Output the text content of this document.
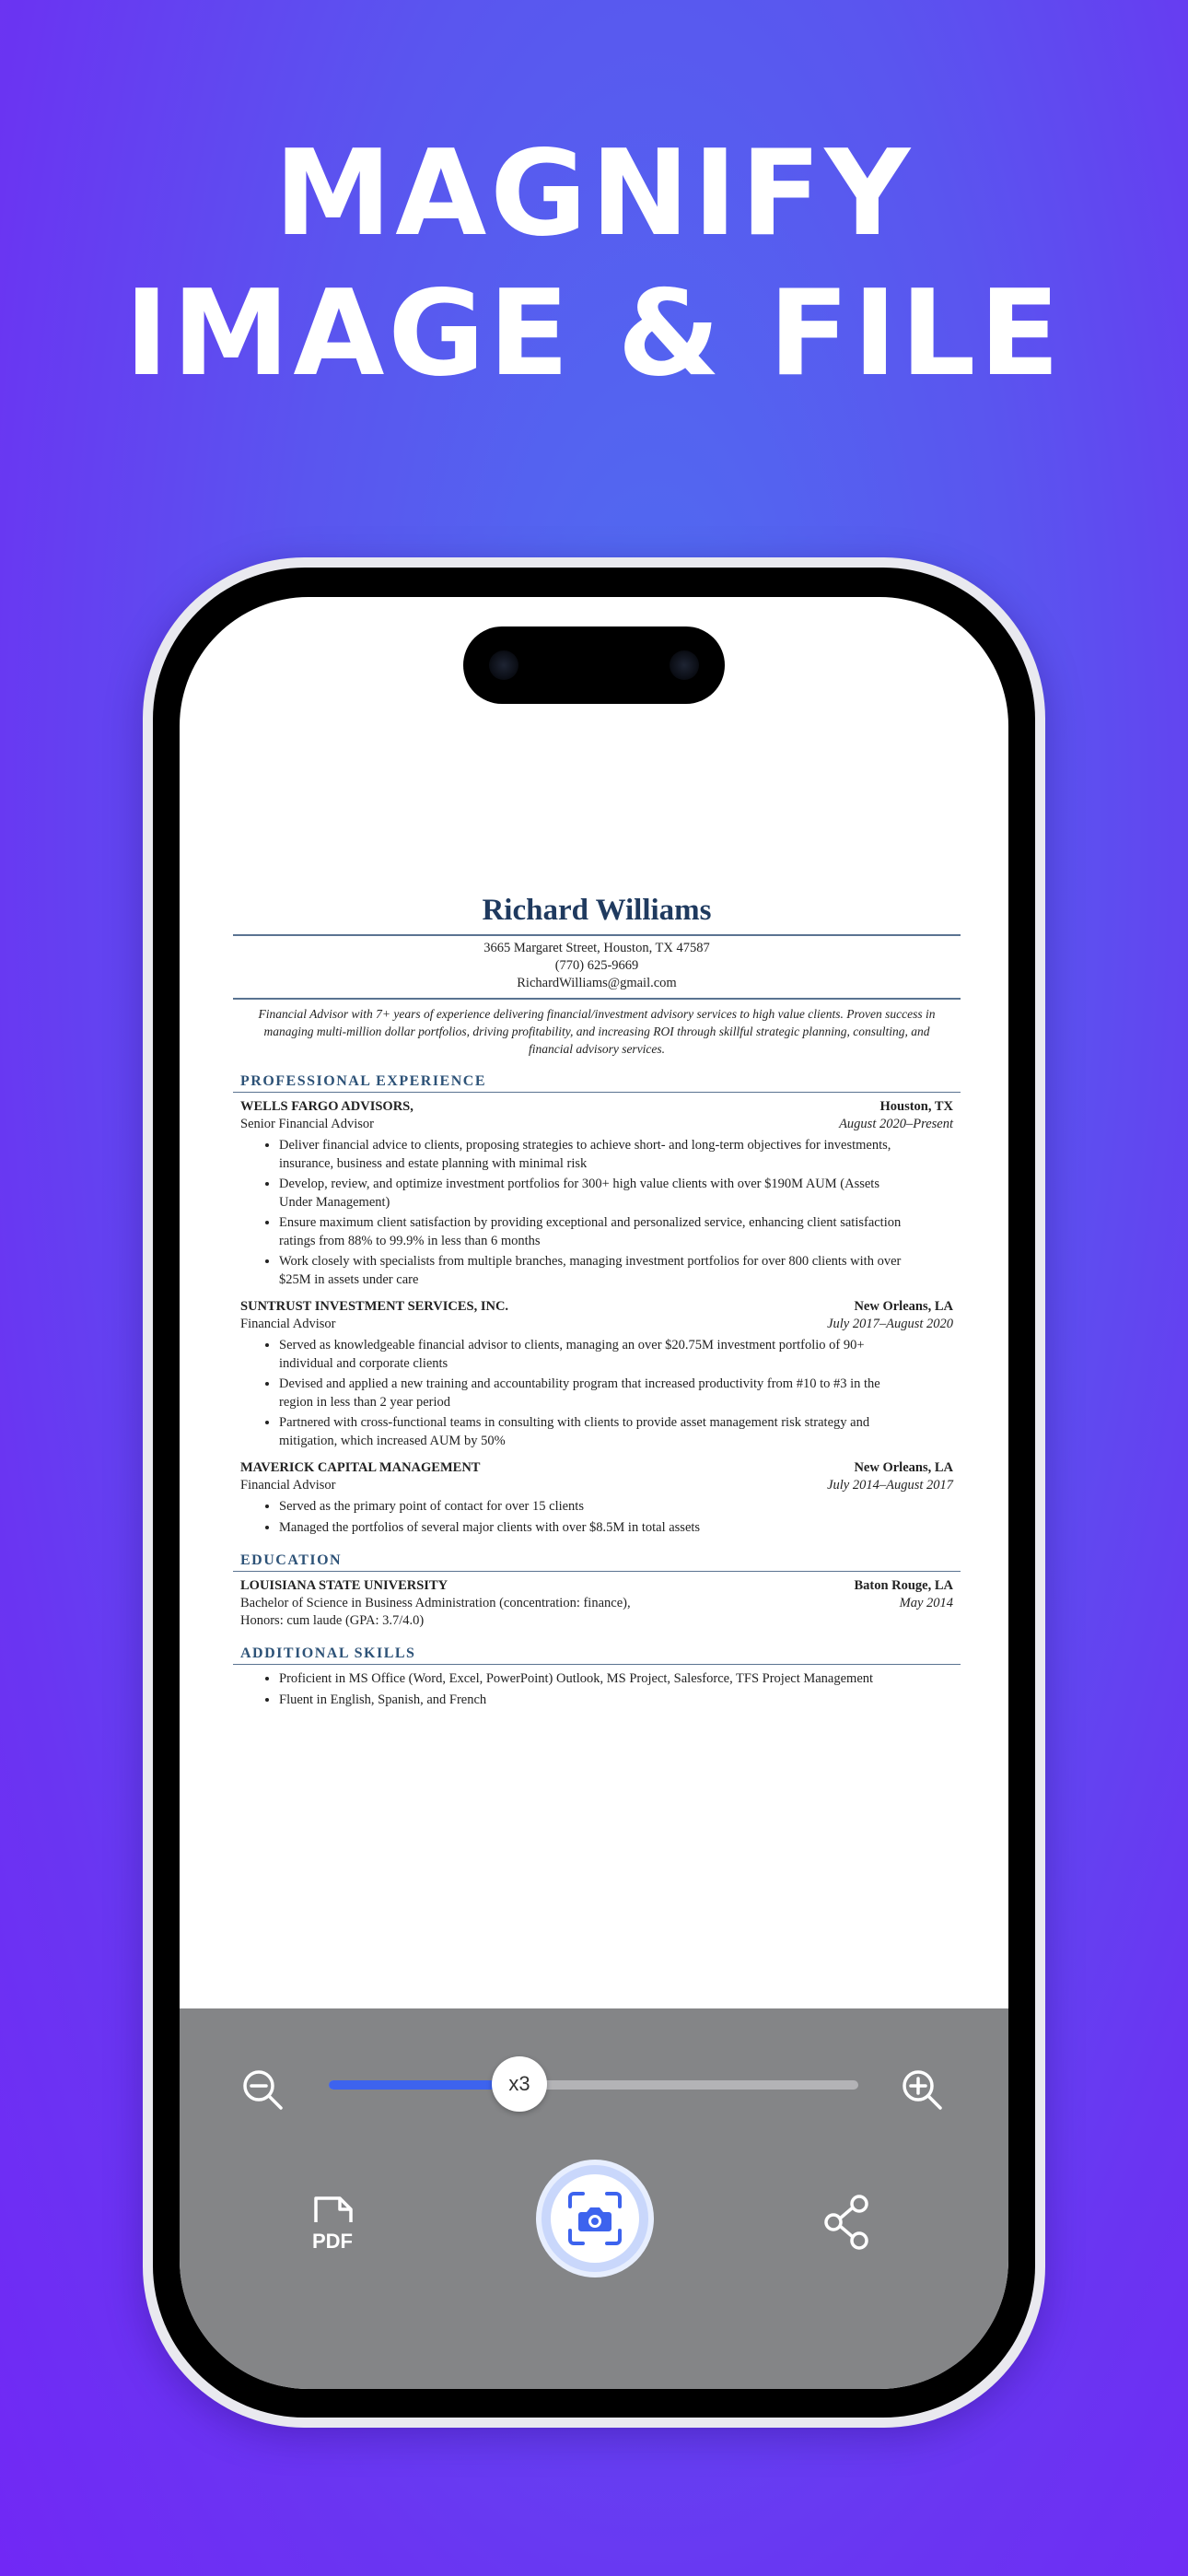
MAGNIFY
IMAGE & FILE
Richard Williams
3665 Margaret Street, Houston, TX 47587
(770) 625-9669
RichardWilliams@gmail.com
Financial Advisor with 7+ years of experience delivering financial/investment advisory services to high value clients. Proven success in managing multi-million dollar portfolios, driving profitability, and increasing ROI through skillful strategic planning, consulting, and financial advisory services.
PROFESSIONAL EXPERIENCE
WELLS FARGO ADVISORS,	Houston, TX
Senior Financial Advisor	August 2020–Present
• Deliver financial advice to clients, proposing strategies to achieve short- and long-term objectives for investments, insurance, business and estate planning with minimal risk
• Develop, review, and optimize investment portfolios for 300+ high value clients with over $190M AUM (Assets Under Management)
• Ensure maximum client satisfaction by providing exceptional and personalized service, enhancing client satisfaction ratings from 88% to 99.9% in less than 6 months
• Work closely with specialists from multiple branches, managing investment portfolios for over 800 clients with over $25M in assets under care
SUNTRUST INVESTMENT SERVICES, INC.	New Orleans, LA
Financial Advisor	July 2017–August 2020
• Served as knowledgeable financial advisor to clients, managing an over $20.75M investment portfolio of 90+ individual and corporate clients
• Devised and applied a new training and accountability program that increased productivity from #10 to #3 in the region in less than 2 year period
• Partnered with cross-functional teams in consulting with clients to provide asset management risk strategy and mitigation, which increased AUM by 50%
MAVERICK CAPITAL MANAGEMENT	New Orleans, LA
Financial Advisor	July 2014–August 2017
• Served as the primary point of contact for over 15 clients
• Managed the portfolios of several major clients with over $8.5M in total assets
EDUCATION
LOUISIANA STATE UNIVERSITY	Baton Rouge, LA
Bachelor of Science in Business Administration (concentration: finance),	May 2014
Honors: cum laude (GPA: 3.7/4.0)
ADDITIONAL SKILLS
• Proficient in MS Office (Word, Excel, PowerPoint) Outlook, MS Project, Salesforce, TFS Project Management
• Fluent in English, Spanish, and French
x3
PDF
